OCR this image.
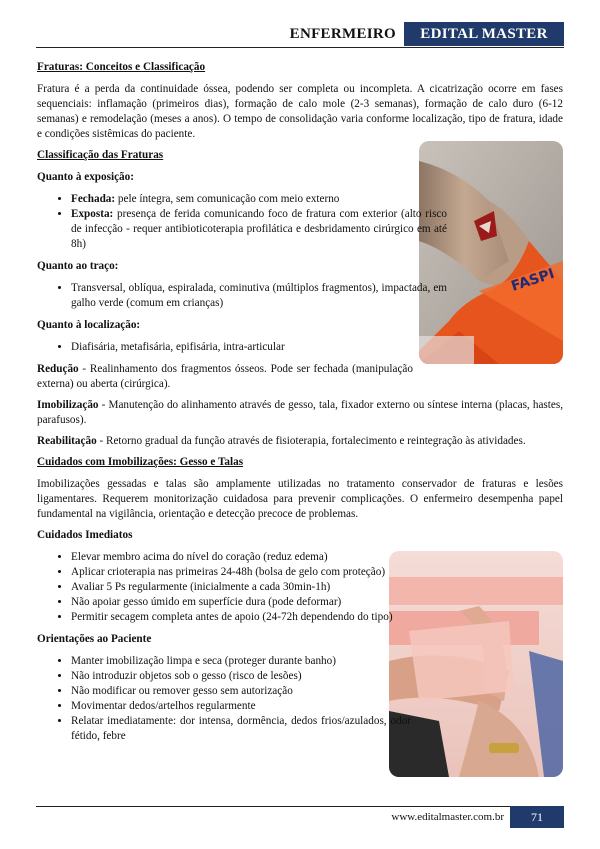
ENFERMEIRO	EDITAL MASTER
FASPI
Fraturas: Conceitos e Classificação

Fratura é a perda da continuidade óssea, podendo ser completa ou incompleta. A cicatrização ocorre em fases sequenciais: inflamação (primeiros dias), formação de calo mole (2-3 semanas), formação de calo duro (6-12 semanas) e remodelação (meses a anos). O tempo de consolidação varia conforme localização, tipo de fratura, idade e condições sistêmicas do paciente.

Classificação das Fraturas
Quanto à exposição:
• Fechada: pele íntegra, sem comunicação com meio externo
• Exposta: presença de ferida comunicando foco de fratura com exterior (alto risco de infecção - requer antibioticoterapia profilática e desbridamento cirúrgico em até 8h)
Quanto ao traço:
• Transversal, oblíqua, espiralada, cominutiva (múltiplos fragmentos), impactada, em galho verde (comum em crianças)
Quanto à localização:
• Diafisária, metafisária, epifisária, intra-articular

Redução - Realinhamento dos fragmentos ósseos. Pode ser fechada (manipulação externa) ou aberta (cirúrgica).

Imobilização - Manutenção do alinhamento através de gesso, tala, fixador externo ou síntese interna (placas, hastes, parafusos).

Reabilitação - Retorno gradual da função através de fisioterapia, fortalecimento e reintegração às atividades.

Cuidados com Imobilizações: Gesso e Talas

Imobilizações gessadas e talas são amplamente utilizadas no tratamento conservador de fraturas e lesões ligamentares. Requerem monitorização cuidadosa para prevenir complicações. O enfermeiro desempenha papel fundamental na vigilância, orientação e detecção precoce de problemas.

Cuidados Imediatos
• Elevar membro acima do nível do coração (reduz edema)
• Aplicar crioterapia nas primeiras 24-48h (bolsa de gelo com proteção)
• Avaliar 5 Ps regularmente (inicialmente a cada 30min-1h)
• Não apoiar gesso úmido em superfície dura (pode deformar)
• Permitir secagem completa antes de apoio (24-72h dependendo do tipo)
Orientações ao Paciente
• Manter imobilização limpa e seca (proteger durante banho)
• Não introduzir objetos sob o gesso (risco de lesões)
• Não modificar ou remover gesso sem autorização
• Movimentar dedos/artelhos regularmente
• Relatar imediatamente: dor intensa, dormência, dedos frios/azulados, odor fétido, febre
www.editalmaster.com.br	71
